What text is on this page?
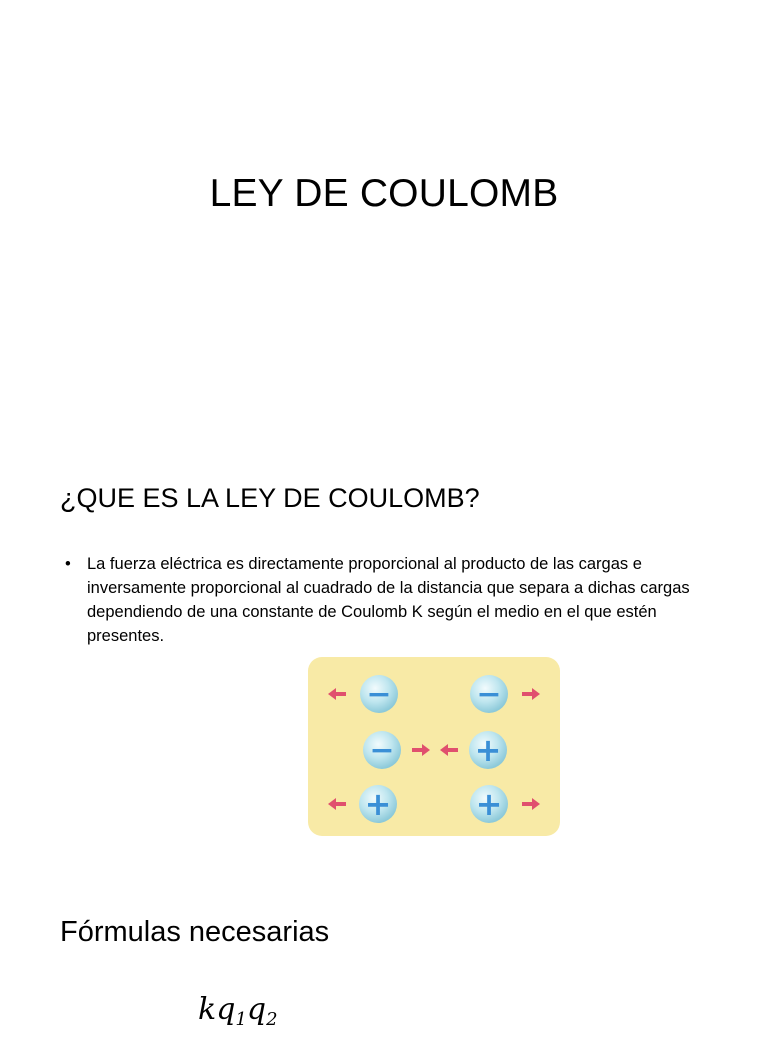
LEY DE COULOMB
¿QUE ES LA LEY DE COULOMB?
• La fuerza eléctrica es directamente proporcional al producto de las cargas e inversamente proporcional al cuadrado de la distancia que separa a dichas cargas dependiendo de una constante de Coulomb K según el medio en el que estén presentes.
−	−
−	+
+	+
Fórmulas necesarias
$kq_1q_2$
